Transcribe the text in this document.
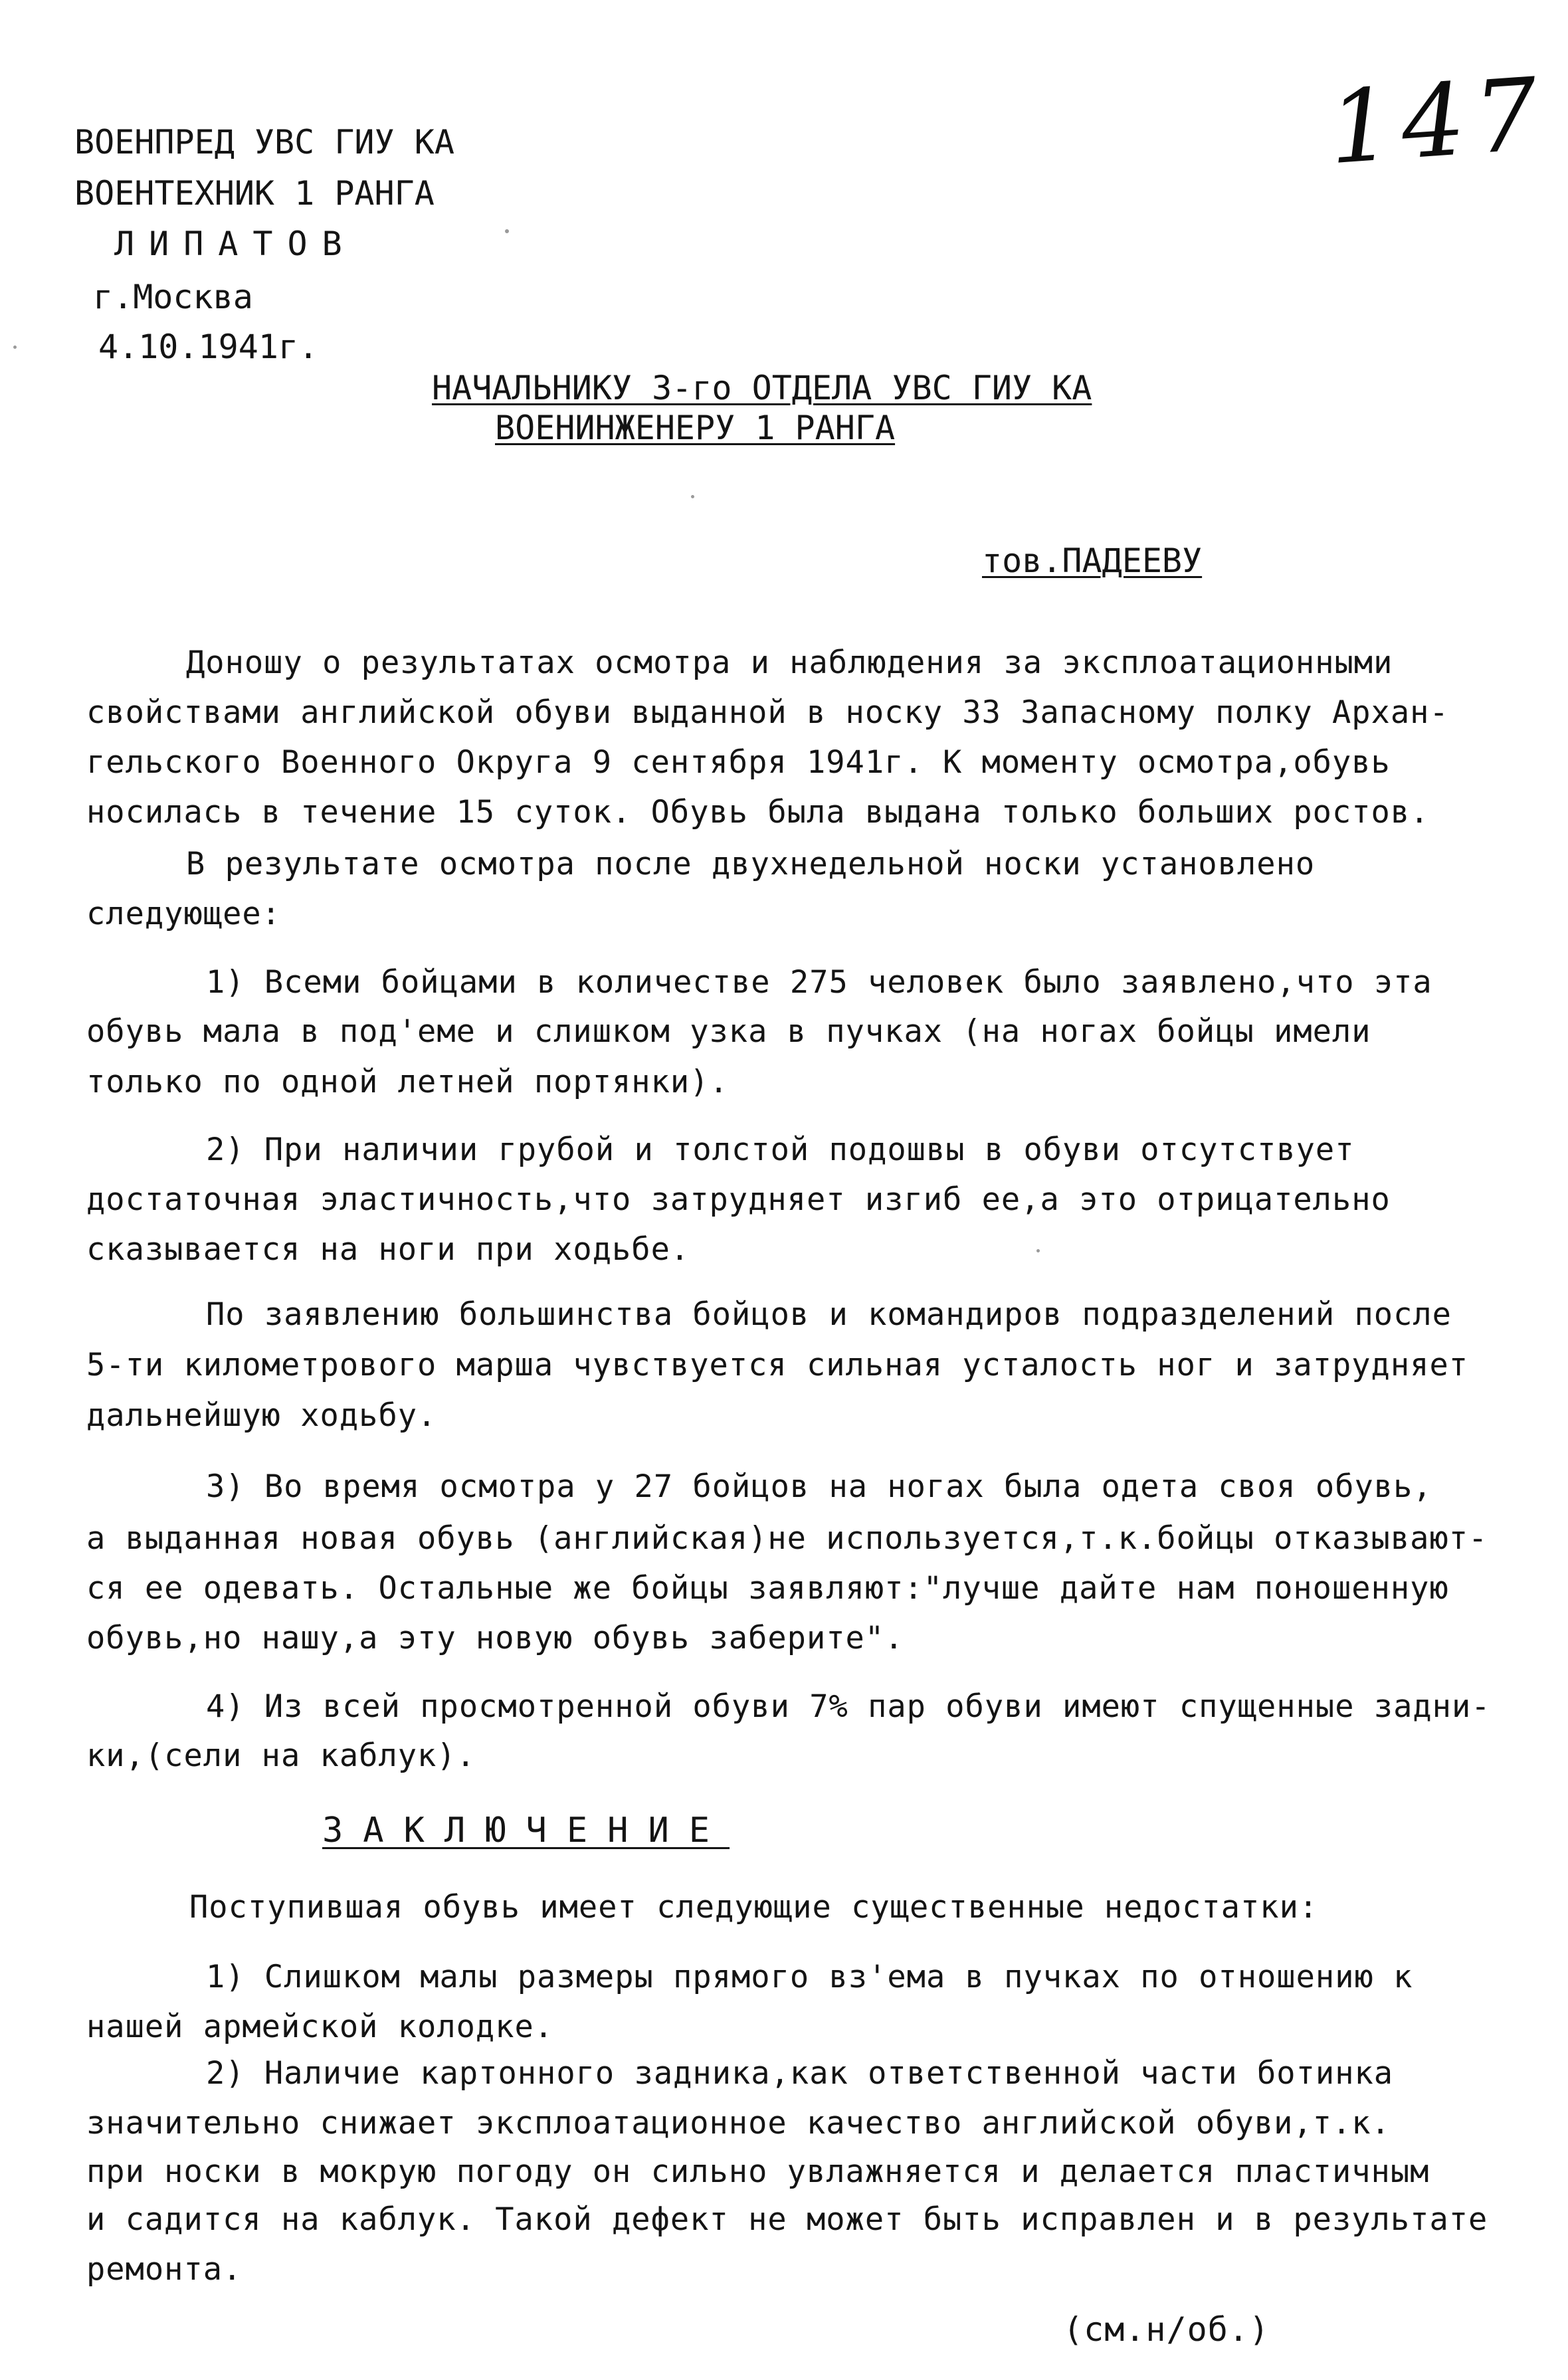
147
ВОЕНПРЕД УВС ГИУ КА
ВОЕНТЕХНИК 1 РАНГА
ЛИПАТОВ
г.Москва
4.10.1941г.
НАЧАЛЬНИКУ 3-го ОТДЕЛА УВС ГИУ КА
ВОЕНИНЖЕНЕРУ 1 РАНГА
тов.ПАДЕЕВУ
Доношу о результатах осмотра и наблюдения за эксплоатационными
свойствами английской обуви выданной в носку 33 Запасному полку Архан-
гельского Военного Округа 9 сентября 1941г. К моменту осмотра,обувь
носилась в течение 15 суток. Обувь была выдана только больших ростов.
В результате осмотра после двухнедельной носки установлено
следующее:
1) Всеми бойцами в количестве 275 человек было заявлено,что эта
обувь мала в под'еме и слишком узка в пучках (на ногах бойцы имели
только по одной летней портянки).
2) При наличии грубой и толстой подошвы в обуви отсутствует
достаточная эластичность,что затрудняет изгиб ее,а это отрицательно
сказывается на ноги при ходьбе.
По заявлению большинства бойцов и командиров подразделений после
5-ти километрового марша чувствуется сильная усталость ног и затрудняет
дальнейшую ходьбу.
3) Во время осмотра у 27 бойцов на ногах была одета своя обувь,
а выданная новая обувь (английская)не используется,т.к.бойцы отказывают-
ся ее одевать. Остальные же бойцы заявляют:"лучше дайте нам поношенную
обувь,но нашу,а эту новую обувь заберите".
4) Из всей просмотренной обуви 7% пар обуви имеют спущенные задни-
ки,(сели на каблук).
ЗАКЛЮЧЕНИЕ
Поступившая обувь имеет следующие существенные недостатки:
1) Слишком малы размеры прямого вз'ема в пучках по отношению к
нашей армейской колодке.
2) Наличие картонного задника,как ответственной части ботинка
значительно снижает эксплоатационное качество английской обуви,т.к.
при носки в мокрую погоду он сильно увлажняется и делается пластичным
и садится на каблук. Такой дефект не может быть исправлен и в результате
ремонта.
(см.н/об.)
